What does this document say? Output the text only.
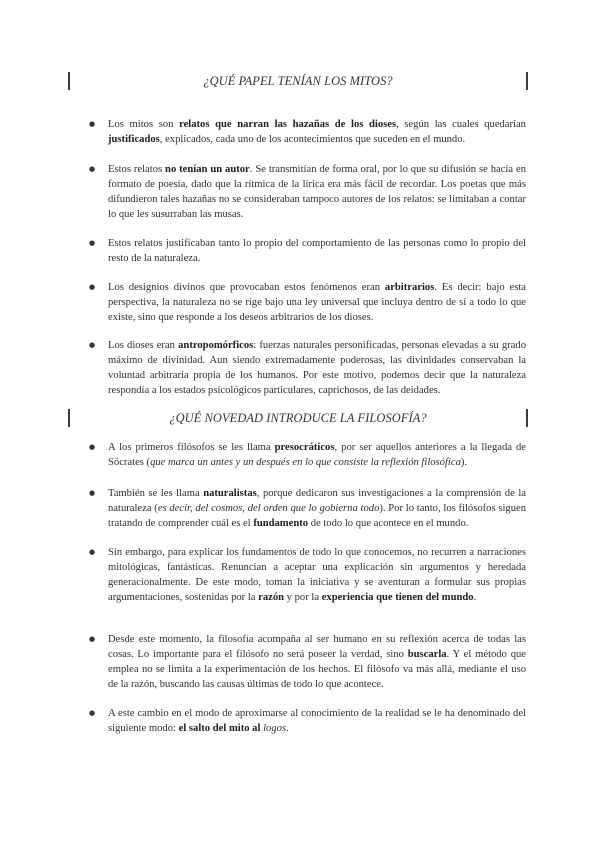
¿QUÉ PAPEL TENÍAN LOS MITOS?
● Los mitos son relatos que narran las hazañas de los dioses, según las cuales quedarían justificados, explicados, cada uno de los acontecimientos que suceden en el mundo.
● Estos relatos no tenían un autor. Se transmitían de forma oral, por lo que su difusión se hacía en formato de poesía, dado que la rítmica de la lírica era más fácil de recordar. Los poetas que más difundieron tales hazañas no se consideraban tampoco autores de los relatos: se limitaban a contar lo que les susurraban las musas.
● Estos relatos justificaban tanto lo propio del comportamiento de las personas como lo propio del resto de la naturaleza.
● Los designios divinos que provocaban estos fenómenos eran arbitrarios. Es decir: bajo esta perspectiva, la naturaleza no se rige bajo una ley universal que incluya dentro de sí a todo lo que existe, sino que responde a los deseos arbitrarios de los dioses.
● Los dioses eran antropomórficos: fuerzas naturales personificadas, personas elevadas a su grado máximo de divinidad. Aun siendo extremadamente poderosas, las divinidades conservaban la voluntad arbitraria propia de los humanos. Por este motivo, podemos decir que la naturaleza respondía a los estados psicológicos particulares, caprichosos, de las deidades.
¿QUÉ NOVEDAD INTRODUCE LA FILOSOFÍA?
● A los primeros filósofos se les llama presocráticos, por ser aquellos anteriores a la llegada de Sócrates (que marca un antes y un después en lo que consiste la reflexión filosófica).
● También se les llama naturalistas, porque dedicaron sus investigaciones a la comprensión de la naturaleza (es decir, del cosmos, del orden que lo gobierna todo). Por lo tanto, los filósofos siguen tratando de comprender cuál es el fundamento de todo lo que acontece en el mundo.
● Sin embargo, para explicar los fundamentos de todo lo que conocemos, no recurren a narraciones mitológicas, fantásticas. Renuncian a aceptar una explicación sin argumentos y heredada generacionalmente. De este modo, toman la iniciativa y se aventuran a formular sus propias argumentaciones, sostenidas por la razón y por la experiencia que tienen del mundo.
● Desde este momento, la filosofía acompaña al ser humano en su reflexión acerca de todas las cosas. Lo importante para el filósofo no será poseer la verdad, sino buscarla. Y el método que emplea no se limita a la experimentación de los hechos. El filósofo va más allá, mediante el uso de la razón, buscando las causas últimas de todo lo que acontece.
● A este cambio en el modo de aproximarse al conocimiento de la realidad se le ha denominado del siguiente modo: el salto del mito al logos.
